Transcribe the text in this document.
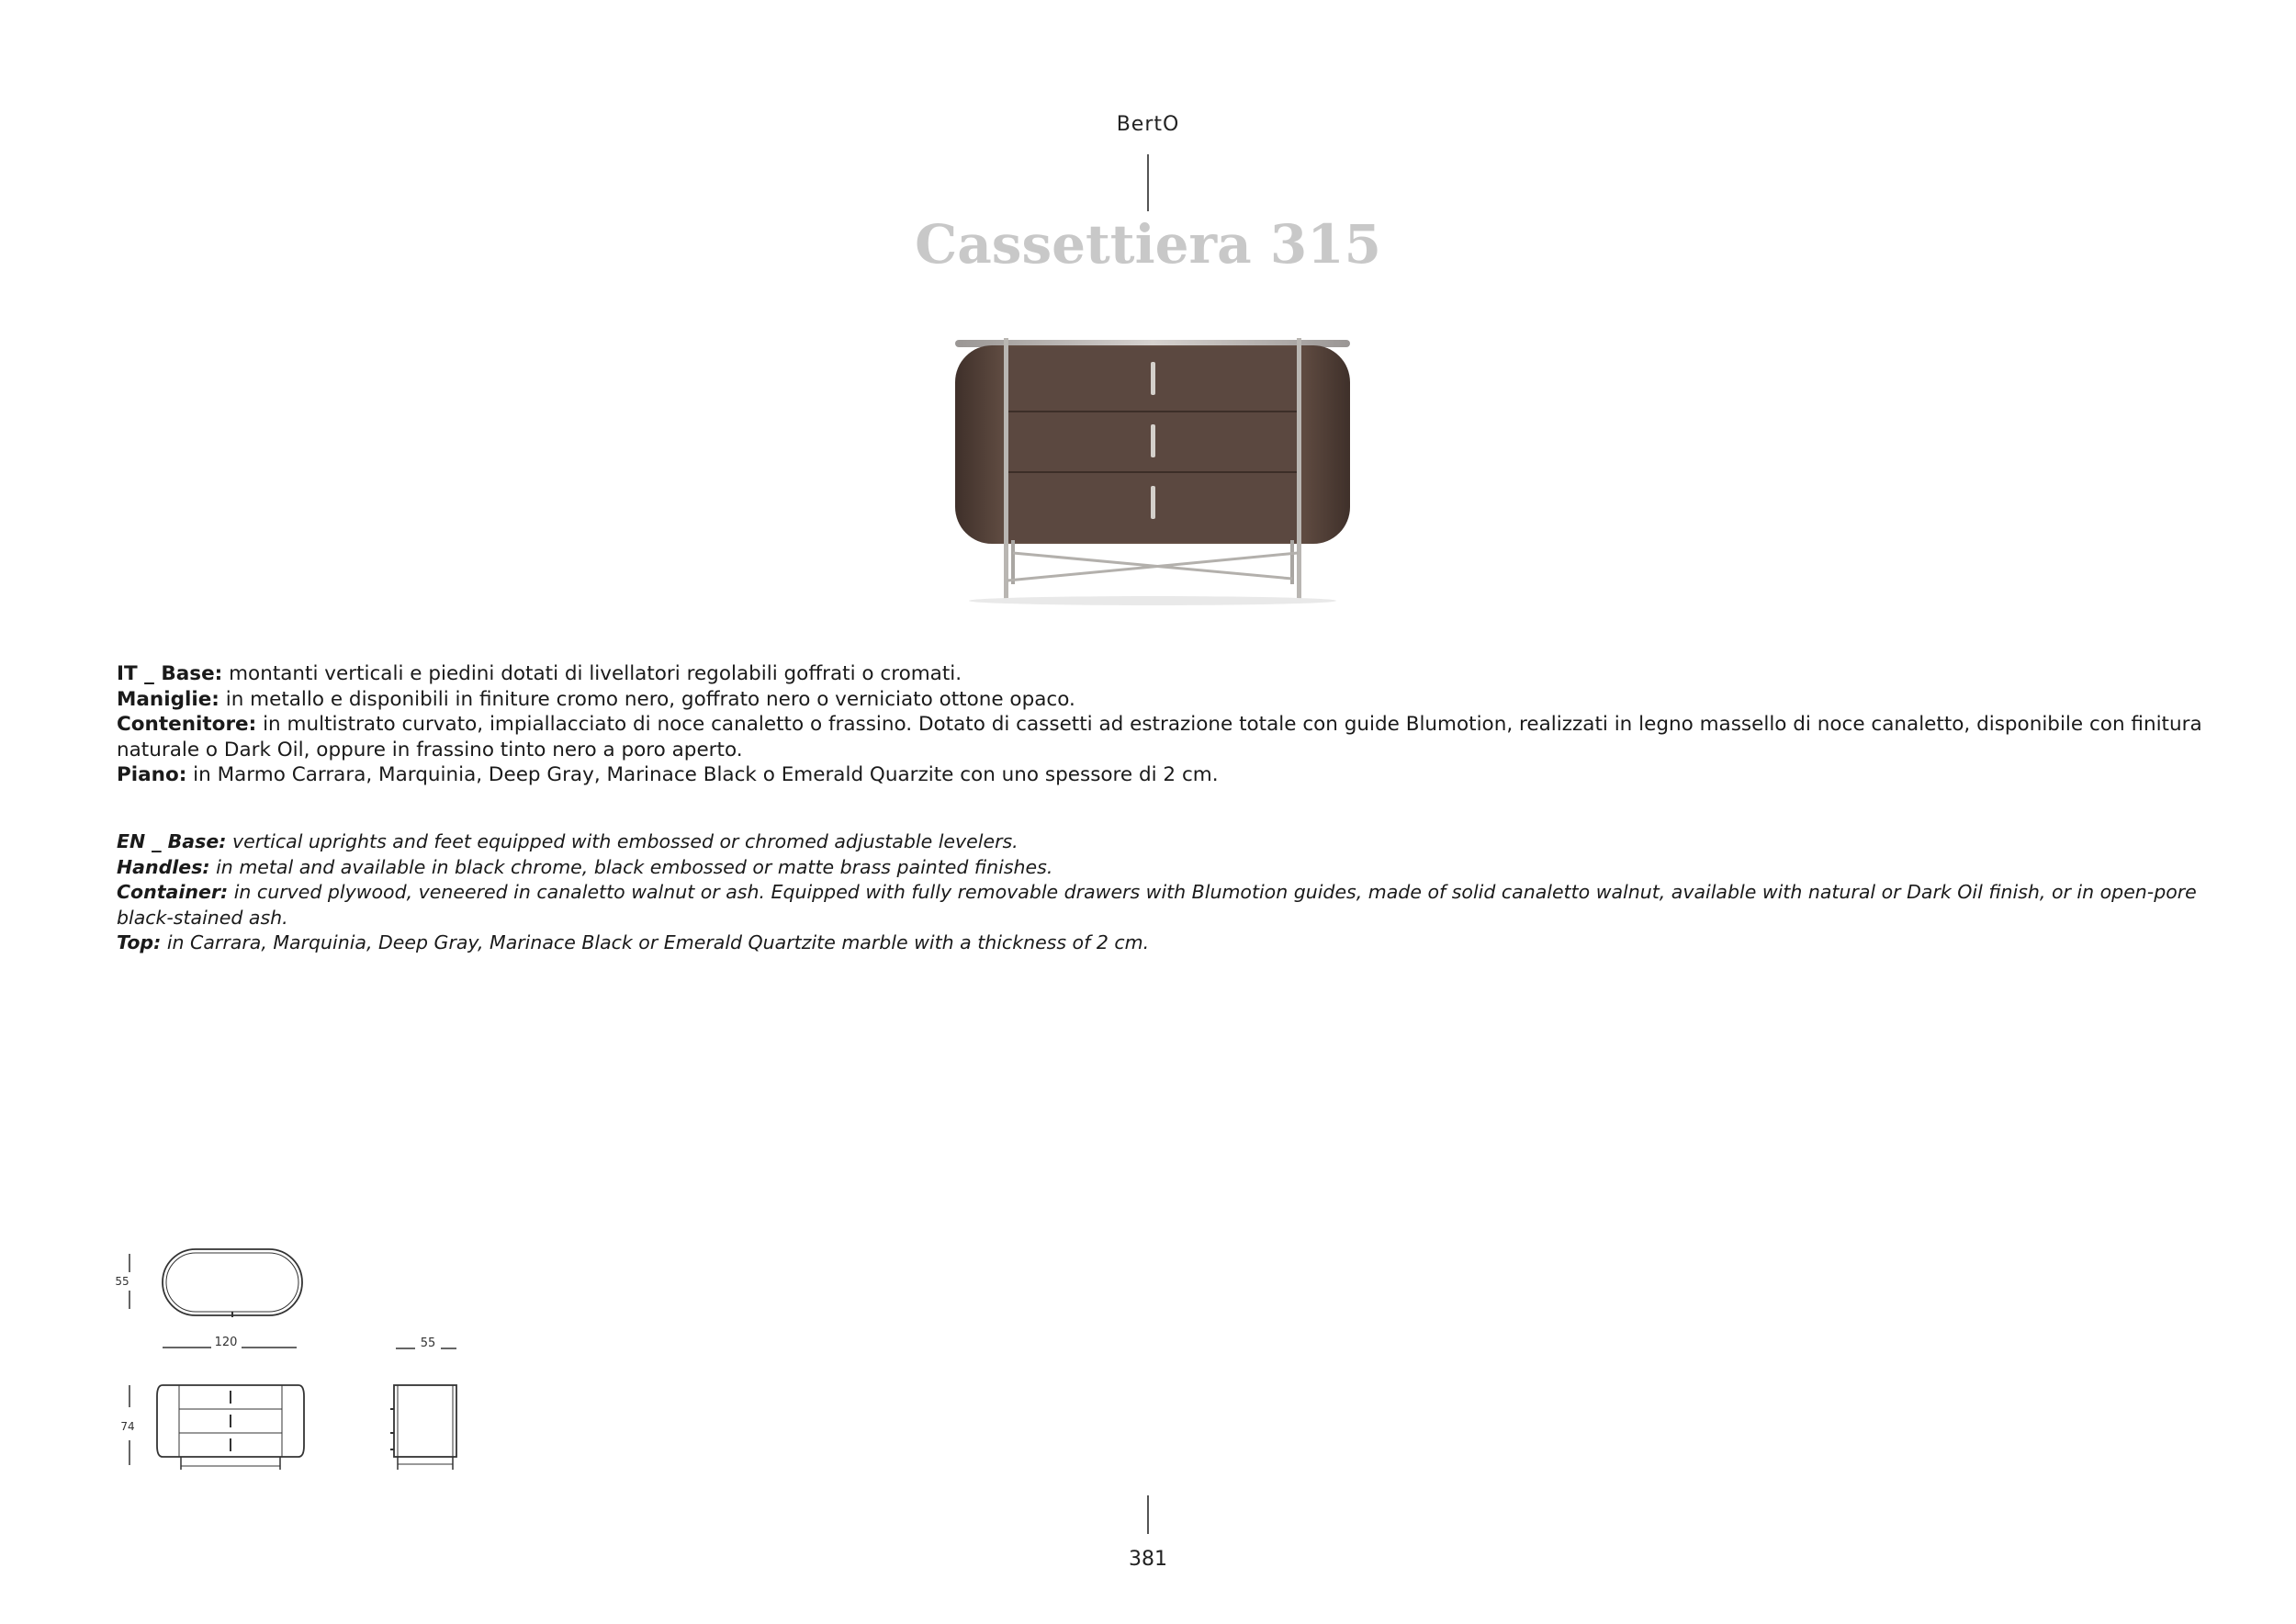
BertO
Cassettiera 315

IT _ Base: montanti verticali e piedini dotati di livellatori regolabili goffrati o cromati.

Maniglie: in metallo e disponibili in finiture cromo nero, goffrato nero o verniciato ottone opaco.

Contenitore: in multistrato curvato, impiallacciato di noce canaletto o frassino. Dotato di cassetti ad estrazione totale con guide Blumotion, realizzati in legno massello di noce canaletto, disponibile con finitura naturale o Dark Oil, oppure in frassino tinto nero a poro aperto.

Piano: in Marmo Carrara, Marquinia, Deep Gray, Marinace Black o Emerald Quarzite con uno spessore di 2 cm.

EN _ Base: vertical uprights and feet equipped with embossed or chromed adjustable levelers.

Handles: in metal and available in black chrome, black embossed or matte brass painted finishes.

Container: in curved plywood, veneered in canaletto walnut or ash. Equipped with fully removable drawers with Blumotion guides, made of solid canaletto walnut, available with natural or Dark Oil finish, or in open-pore black-stained ash.

Top: in Carrara, Marquinia, Deep Gray, Marinace Black or Emerald Quartzite marble with a thickness of 2 cm.

55
120	55
74
381
